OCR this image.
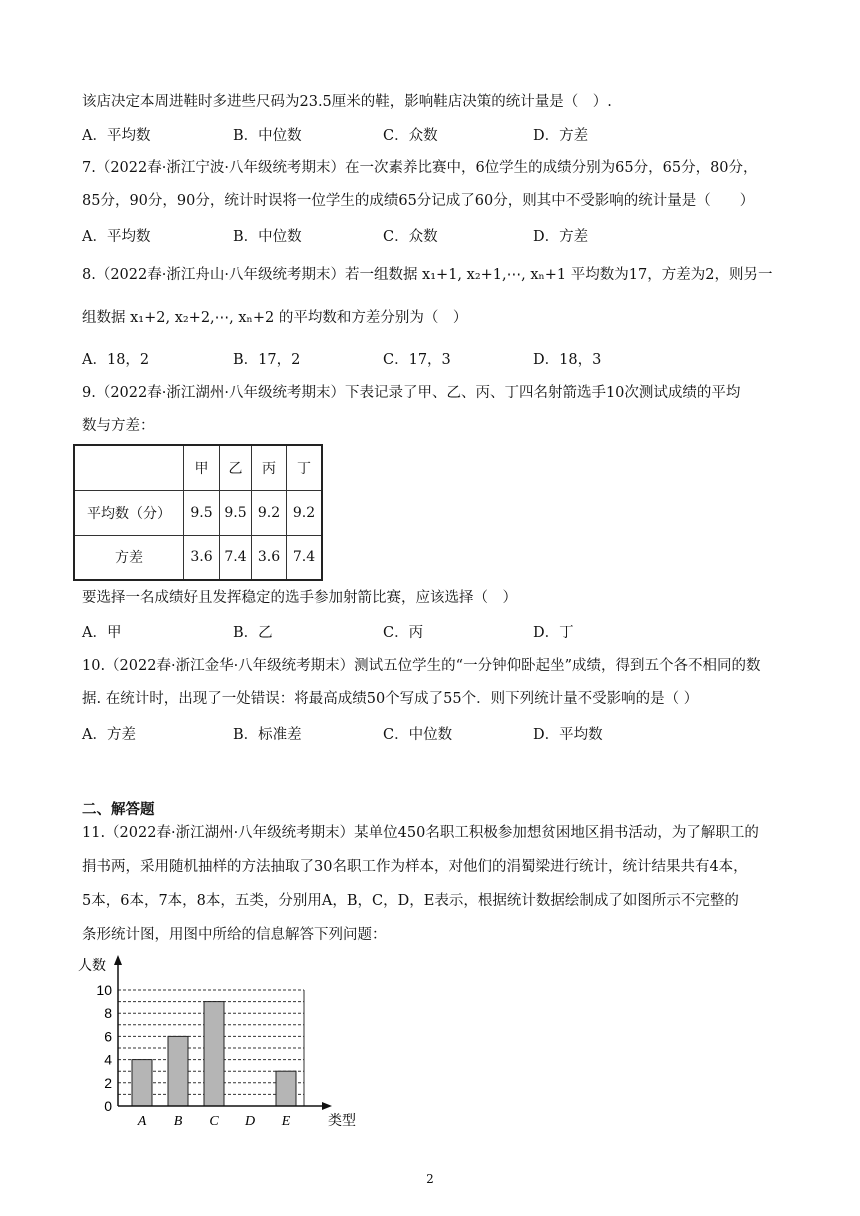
该店决定本周进鞋时多进些尺码为23.5厘米的鞋，影响鞋店决策的统计量是（　）.
A．平均数	B．中位数	C．众数	D．方差
7.（2022春·浙江宁波·八年级统考期末）在一次素养比赛中，6位学生的成绩分别为65分，65分，80分，
85分，90分，90分，统计时误将一位学生的成绩65分记成了60分，则其中不受影响的统计量是（　　）
A．平均数	B．中位数	C．众数	D．方差
8.（2022春·浙江舟山·八年级统考期末）若一组数据 x₁+1, x₂+1,⋯, xₙ+1 平均数为17，方差为2，则另一
组数据 x₁+2, x₂+2,⋯, xₙ+2 的平均数和方差分别为（　）
A．18，2	B．17，2	C．17，3	D．18，3
9.（2022春·浙江湖州·八年级统考期末）下表记录了甲、乙、丙、丁四名射箭选手10次测试成绩的平均
数与方差：
	甲	乙	丙	丁
平均数（分）	9.5	9.5	9.2	9.2
方差	3.6	7.4	3.6	7.4
要选择一名成绩好且发挥稳定的选手参加射箭比赛，应该选择（　）
A．甲	B．乙	C．丙	D．丁
10.（2022春·浙江金华·八年级统考期末）测试五位学生的“一分钟仰卧起坐”成绩，得到五个各不相同的数
据. 在统计时，出现了一处错误：将最高成绩50个写成了55个．则下列统计量不受影响的是（ ）
A．方差	B．标准差	C．中位数	D．平均数
二、解答题
11.（2022春·浙江湖州·八年级统考期末）某单位450名职工积极参加想贫困地区捐书活动，为了解职工的
捐书两，采用随机抽样的方法抽取了30名职工作为样本，对他们的涓蜀梁进行统计，统计结果共有4本，
5本，6本，7本，8本，五类，分别用A，B，C，D，E表示，根据统计数据绘制成了如图所示不完整的
条形统计图，用图中所给的信息解答下列问题：
0
2
4
6
8
10
A B C D E
人数
类型
2
